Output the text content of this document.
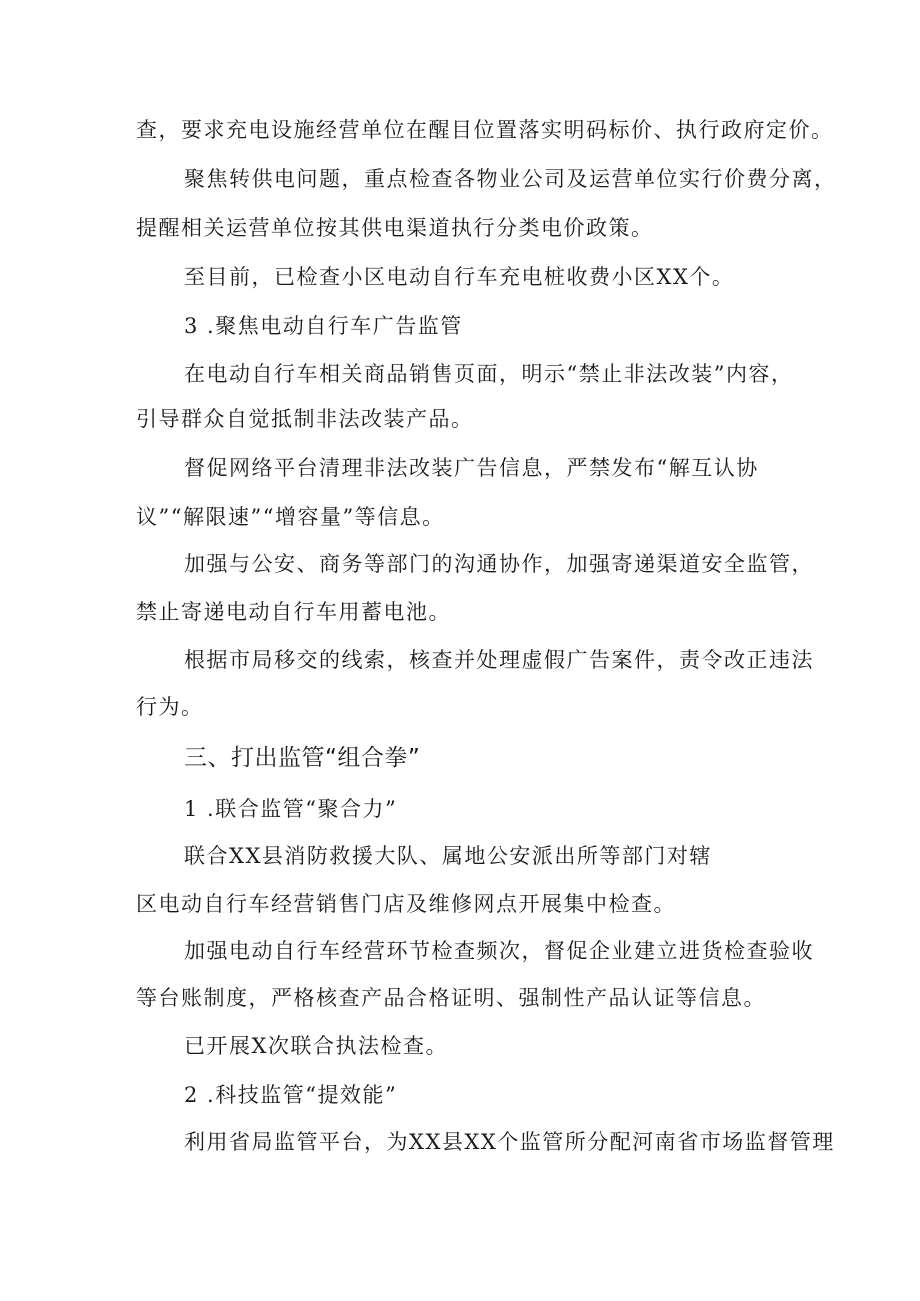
查，要求充电设施经营单位在醒目位置落实明码标价、执行政府定价。
聚焦转供电问题，重点检查各物业公司及运营单位实行价费分离，
提醒相关运营单位按其供电渠道执行分类电价政策。
至目前，已检查小区电动自行车充电桩收费小区XX个。
3 .聚焦电动自行车广告监管
在电动自行车相关商品销售页面，明示“禁止非法改装”内容，
引导群众自觉抵制非法改装产品。
督促网络平台清理非法改装广告信息，严禁发布“解互认协
议”“解限速”“增容量”等信息。
加强与公安、商务等部门的沟通协作，加强寄递渠道安全监管，
禁止寄递电动自行车用蓄电池。
根据市局移交的线索，核查并处理虚假广告案件，责令改正违法
行为。
三、打出监管“组合拳”
1 .联合监管“聚合力”
联合XX县消防救援大队、属地公安派出所等部门对辖
区电动自行车经营销售门店及维修网点开展集中检查。
加强电动自行车经营环节检查频次，督促企业建立进货检查验收
等台账制度，严格核查产品合格证明、强制性产品认证等信息。
已开展X次联合执法检查。
2 .科技监管“提效能”
利用省局监管平台，为XX县XX个监管所分配河南省市场监督管理
